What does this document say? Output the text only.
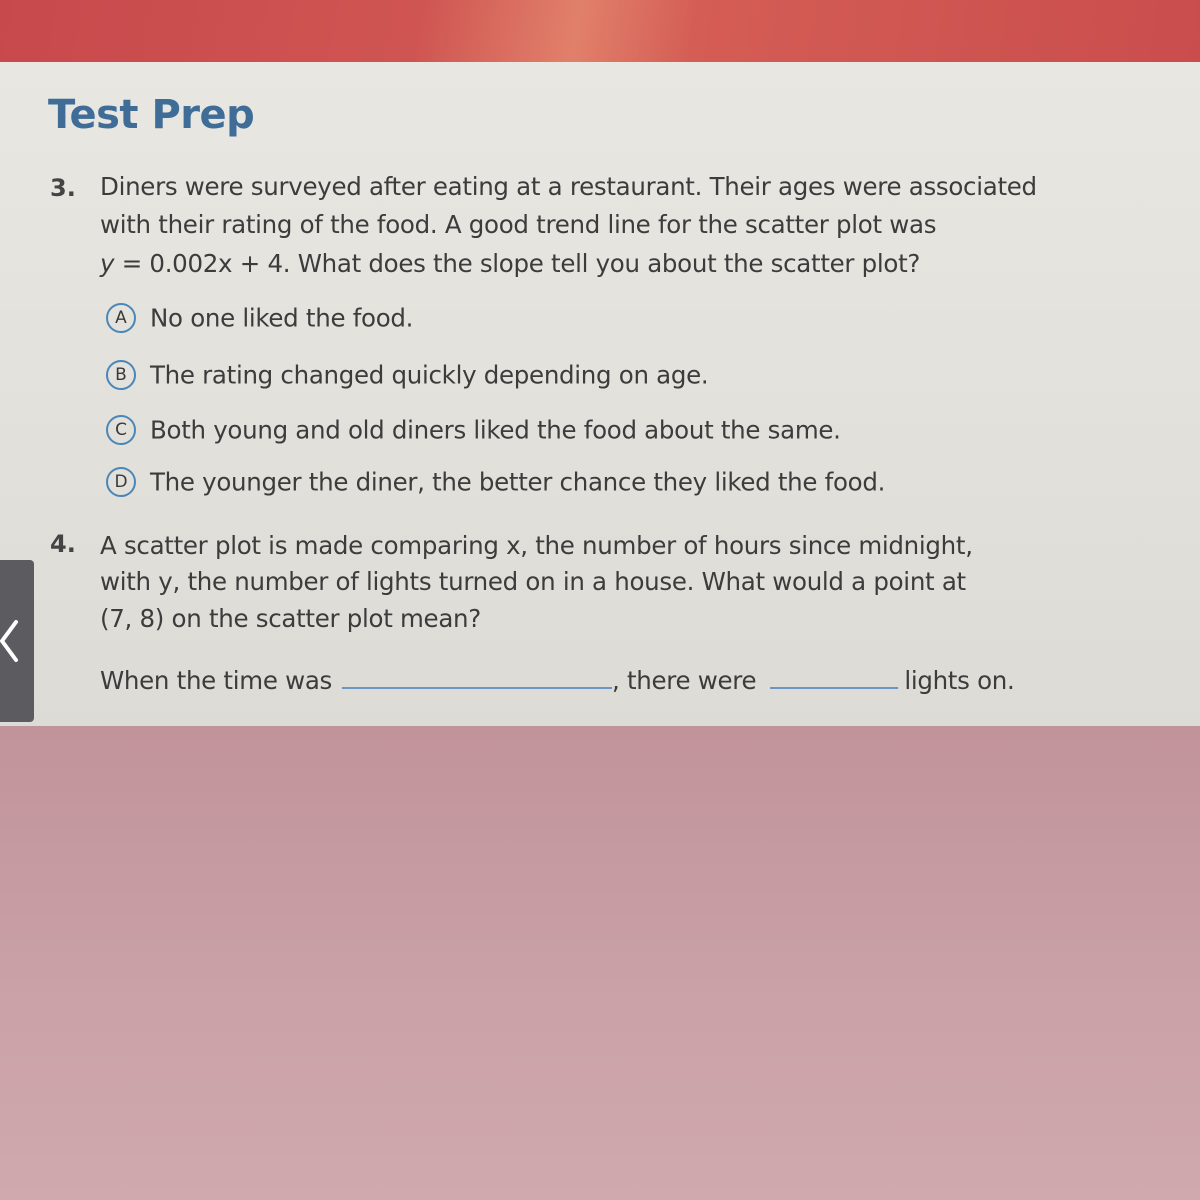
Test Prep
3. Diners were surveyed after eating at a restaurant. Their ages were associated
with their rating of the food. A good trend line for the scatter plot was
y = 0.002x + 4. What does the slope tell you about the scatter plot?
A No one liked the food.
B The rating changed quickly depending on age.
C Both young and old diners liked the food about the same.
D The younger the diner, the better chance they liked the food.
4. A scatter plot is made comparing x, the number of hours since midnight,
with y, the number of lights turned on in a house. What would a point at
(7, 8) on the scatter plot mean?
When the time was	, there were	lights on.
